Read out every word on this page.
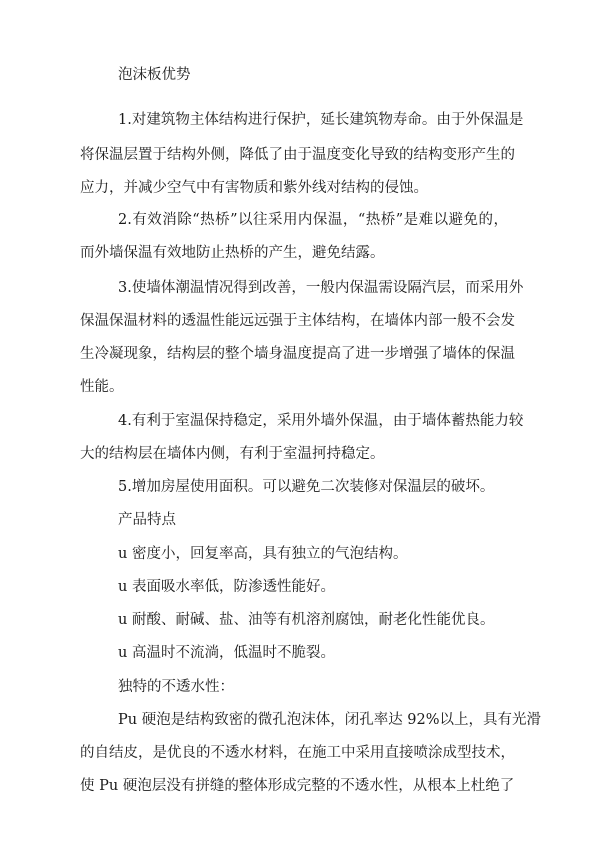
泡沫板优势
1.对建筑物主体结构进行保护，延长建筑物寿命。由于外保温是
将保温层置于结构外侧，降低了由于温度变化导致的结构变形产生的
应力，并减少空气中有害物质和紫外线对结构的侵蚀。
2.有效消除“热桥”以往采用内保温，“热桥”是难以避免的，
而外墙保温有效地防止热桥的产生，避免结露。
3.使墙体潮温情况得到改善，一般内保温需设隔汽层，而采用外
保温保温材料的透温性能远远强于主体结构，在墙体内部一般不会发
生冷凝现象，结构层的整个墙身温度提高了进一步增强了墙体的保温
性能。
4.有利于室温保持稳定，采用外墙外保温，由于墙体蓄热能力较
大的结构层在墙体内侧，有利于室温抲持稳定。
5.增加房屋使用面积。可以避免二次装修对保温层的破坏。
产品特点
u 密度小，回复率高，具有独立的气泡结构。
u 表面吸水率低，防渗透性能好。
u 耐酸、耐碱、盐、油等有机溶剂腐蚀，耐老化性能优良。
u 高温时不流淌，低温时不脆裂。
独特的不透水性：
Pu 硬泡是结构致密的微孔泡沫体，闭孔率达 92%以上，具有光滑
的自结皮，是优良的不透水材料，在施工中采用直接喷涂成型技术，
使 Pu 硬泡层没有拼缝的整体形成完整的不透水性，从根本上杜绝了
